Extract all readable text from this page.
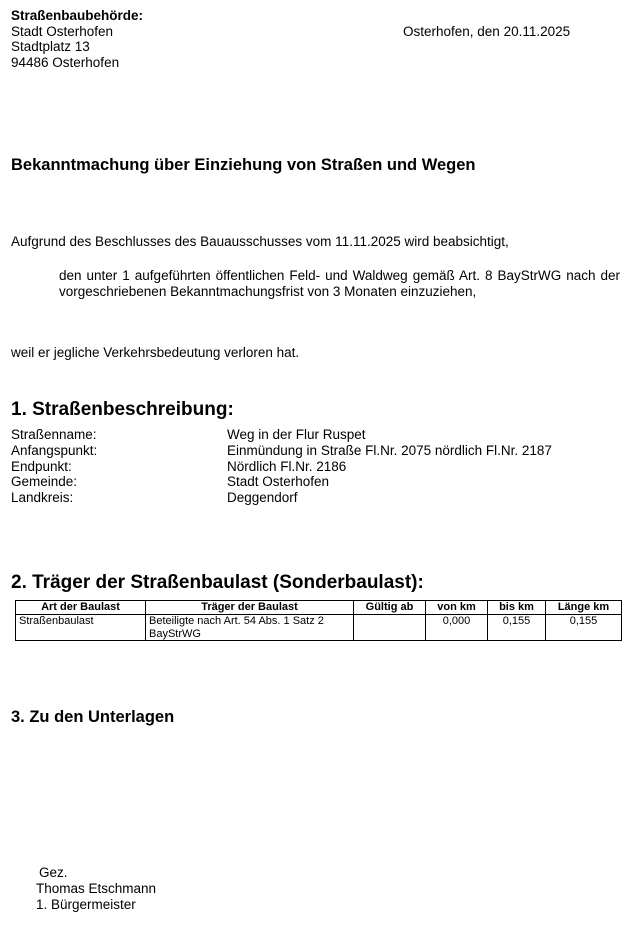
Straßenbaubehörde:
Stadt Osterhofen
Stadtplatz 13
94486 Osterhofen
Osterhofen, den 20.11.2025
Bekanntmachung über Einziehung von Straßen und Wegen
Aufgrund des Beschlusses des Bauausschusses vom 11.11.2025 wird beabsichtigt,
den unter 1 aufgeführten öffentlichen Feld- und Waldweg gemäß Art. 8 BayStrWG nach der vorgeschriebenen Bekanntmachungsfrist von 3 Monaten einzuziehen,
weil er jegliche Verkehrsbedeutung verloren hat.
1. Straßenbeschreibung:
Straßenname:	Weg in der Flur Ruspet
Anfangspunkt:	Einmündung in Straße Fl.Nr. 2075 nördlich Fl.Nr. 2187
Endpunkt:	Nördlich Fl.Nr. 2186
Gemeinde:	Stadt Osterhofen
Landkreis:	Deggendorf
2. Träger der Straßenbaulast (Sonderbaulast):
Art der Baulast	Träger der Baulast	Gültig ab	von km	bis km	Länge km
Straßenbaulast	Beteiligte nach Art. 54 Abs. 1 Satz 2 BayStrWG		0,000	0,155	0,155
3. Zu den Unterlagen
Gez.
Thomas Etschmann
1. Bürgermeister
